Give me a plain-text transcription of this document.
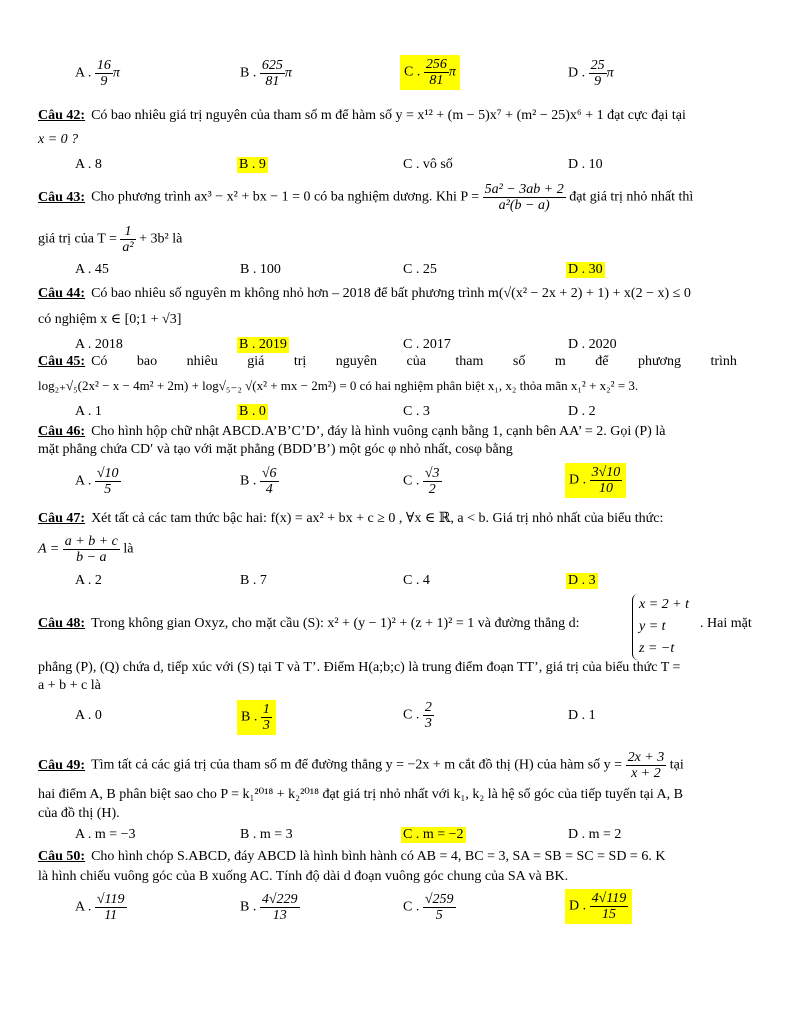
A . $\frac{16}{9}$ π	B . $\frac{625}{81}$ π	C . $\frac{256}{81}$ π	D . $\frac{25}{9}$ π
Câu 42: Có bao nhiêu giá trị nguyên của tham số m để hàm số y = x¹² + (m − 5)x⁷ + (m² − 25)x⁶ + 1 đạt cực đại tại
x = 0 ?
A . 8	B . 9	C . vô số	D . 10
Câu 43: Cho phương trình ax³ − x² + bx − 1 = 0 có ba nghiệm dương. Khi $P = \frac{\text{5a² − 3ab + 2}}{\text{a²(b − a)}}$ đạt giá trị nhỏ nhất thì
giá trị của $T = \frac{1}{\text{a²}} + 3b^2$ là
A . 45	B . 100	C . 25	D . 30
Câu 44: Có bao nhiêu số nguyên m không nhỏ hơn – 2018 để bất phương trình m(√(x² − 2x + 2) + 1) + x(2 − x) ≤ 0
có nghiệm x ∈ [0;1 + √3]
A . 2018	B . 2019	C . 2017	D . 2020
Câu 45: Có bao nhiêu giá trị nguyên của tham số m để phương trình
log₂₊√₅(2x² − x − 4m² + 2m) + log√₅₋₂ √(x² + mx − 2m²) = 0 có hai nghiệm phân biệt x₁, x₂ thỏa mãn x₁² + x₂² = 3.
A . 1	B . 0	C . 3	D . 2
Câu 46: Cho hình hộp chữ nhật ABCD.A’B’C’D’, đáy là hình vuông cạnh bằng 1, cạnh bên AA’ = 2. Gọi (P) là
mặt phẳng chứa CD′ và tạo với mặt phẳng (BDD’B’) một góc φ nhỏ nhất, cosφ bằng
A . $\frac{√10}{5}$	B . $\frac{√6}{4}$	C . $\frac{√3}{2}$	D . $\frac{3√10}{10}$
Câu 47: Xét tất cả các tam thức bậc hai: f(x) = ax² + bx + c ≥ 0 , ∀x ∈ ℝ, a < b. Giá trị nhỏ nhất của biểu thức:
$A = \frac{a + b + c}{b - a}$ là
A . 2	B . 7	C . 4	D . 3
Câu 48: Trong không gian Oxyz, cho mặt cầu (S): x² + (y − 1)² + (z + 1)² = 1 và đường thẳng d:
x = 2 + t
y = t
z = −t
. Hai mặt
phẳng (P), (Q) chứa d, tiếp xúc với (S) tại T và T’. Điểm H(a;b;c) là trung điểm đoạn TT’, giá trị của biểu thức T =
a + b + c là
A . 0	B . $\frac{1}{3}$	C . $\frac{2}{3}$	D . 1
Câu 49: Tìm tất cả các giá trị của tham số m để đường thẳng y = −2x + m cắt đồ thị (H) của hàm số $y = \frac{2x + 3}{x + 2}$ tại
hai điểm A, B phân biệt sao cho P = k₁²⁰¹⁸ + k₂²⁰¹⁸ đạt giá trị nhỏ nhất với k₁, k₂ là hệ số góc của tiếp tuyến tại A, B
của đồ thị (H).
A . m = −3	B . m = 3	C . m = −2	D . m = 2
Câu 50: Cho hình chóp S.ABCD, đáy ABCD là hình bình hành có AB = 4, BC = 3, SA = SB = SC = SD = 6. K
là hình chiếu vuông góc của B xuống AC. Tính độ dài d đoạn vuông góc chung của SA và BK.
A . $\frac{√119}{11}$	B . $\frac{4√229}{13}$	C . $\frac{√259}{5}$	D . $\frac{4√119}{15}$
